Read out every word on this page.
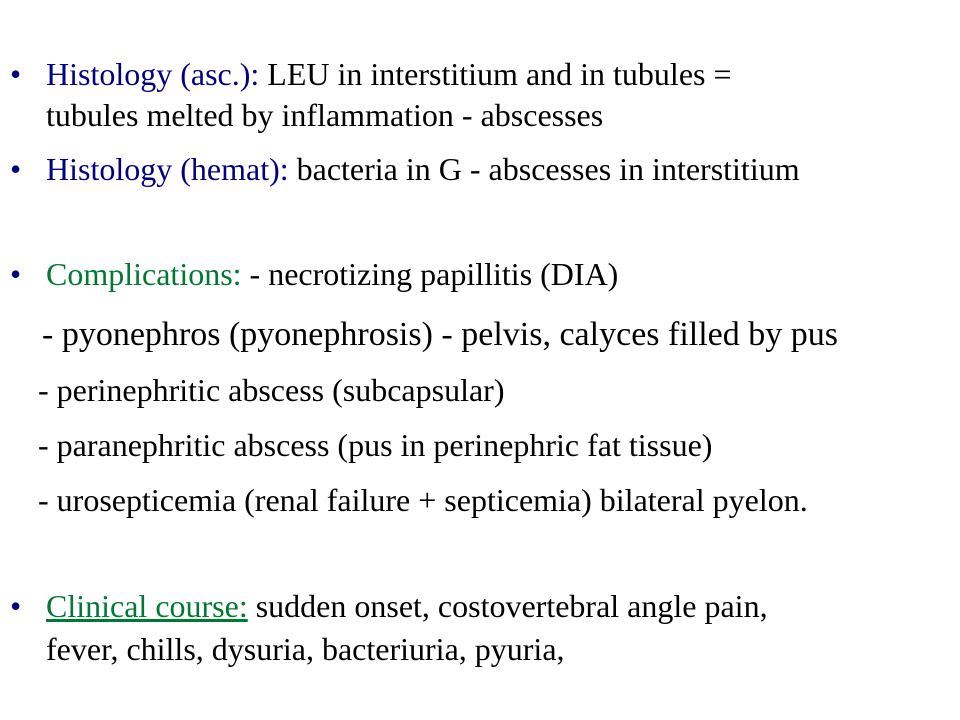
• Histology (asc.): LEU in interstitium and in tubules =
tubules melted by inflammation - abscesses
• Histology (hemat): bacteria in G - abscesses in interstitium
• Complications: - necrotizing papillitis (DIA)
- pyonephros (pyonephrosis) - pelvis, calyces filled by pus
- perinephritic abscess (subcapsular)
- paranephritic abscess (pus in perinephric fat tissue)
- urosepticemia (renal failure + septicemia) bilateral pyelon.
• Clinical course: sudden onset, costovertebral angle pain,
fever, chills, dysuria, bacteriuria, pyuria,
